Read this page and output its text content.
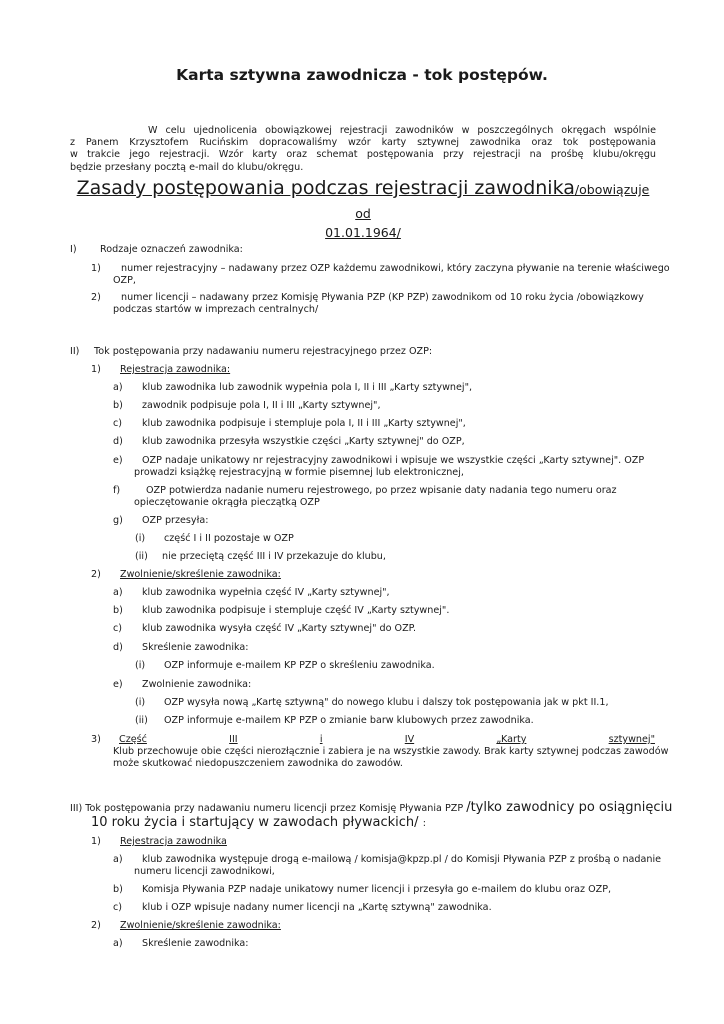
Karta sztywna zawodnicza - tok postępów.

W celu ujednolicenia obowiązkowej rejestracji zawodników w poszczególnych okręgach wspólnie

z Panem Krzysztofem Rucińskim dopracowaliśmy wzór karty sztywnej zawodnika oraz tok postępowania

w trakcie jego rejestracji. Wzór karty oraz schemat postępowania przy rejestracji na prośbę klubu/okręgu

będzie przesłany pocztą e-mail do klubu/okręgu.

Zasady postępowania podczas rejestracji zawodnika/obowiązuje od
01.01.1964/
I) Rodzaje oznaczeń zawodnika:
1) numer rejestracyjny – nadawany przez OZP każdemu zawodnikowi, który zaczyna pływanie na terenie właściwego
OZP,
2) numer licencji – nadawany przez Komisję Pływania PZP (KP PZP) zawodnikom od 10 roku życia /obowiązkowy
podczas startów w imprezach centralnych/
II) Tok postępowania przy nadawaniu numeru rejestracyjnego przez OZP:
1) Rejestracja zawodnika:
a) klub zawodnika lub zawodnik wypełnia pola I, II i III „Karty sztywnej",
b) zawodnik podpisuje pola I, II i III „Karty sztywnej",
c) klub zawodnika podpisuje i stempluje pola I, II i III „Karty sztywnej",
d) klub zawodnika przesyła wszystkie części „Karty sztywnej" do OZP,
e) OZP nadaje unikatowy nr rejestracyjny zawodnikowi i wpisuje we wszystkie części „Karty sztywnej". OZP
prowadzi książkę rejestracyjną w formie pisemnej lub elektronicznej,
f)	OZP potwierdza nadanie numeru rejestrowego, po przez wpisanie daty nadania tego numeru oraz
opieczętowanie okrągła pieczątką OZP
g) OZP przesyła:
(i) część I i II pozostaje w OZP
(ii) nie przeciętą część III i IV przekazuje do klubu,
2) Zwolnienie/skreślenie zawodnika:
a) klub zawodnika wypełnia część IV „Karty sztywnej",
b) klub zawodnika podpisuje i stempluje część IV „Karty sztywnej".
c) klub zawodnika wysyła część IV „Karty sztywnej" do OZP.
d) Skreślenie zawodnika:
(i) OZP informuje e-mailem KP PZP o skreśleniu zawodnika.
e) Zwolnienie zawodnika:
(i) OZP wysyła nową „Kartę sztywną" do nowego klubu i dalszy tok postępowania jak w pkt II.1,
(ii) OZP informuje e-mailem KP PZP o zmianie barw klubowych przez zawodnika.
3) Część	III	i	IV	„Karty	sztywnej"
Klub przechowuje obie części nierozłącznie i zabiera je na wszystkie zawody. Brak karty sztywnej podczas zawodów
może skutkować niedopuszczeniem zawodnika do zawodów.
III) Tok postępowania przy nadawaniu numeru licencji przez Komisję Pływania PZP /tylko zawodnicy po osiągnięciu
10 roku życia i startujący w zawodach pływackich/ :
1) Rejestracja zawodnika
a) klub zawodnika występuje drogą e-mailową / komisja@kpzp.pl / do Komisji Pływania PZP z prośbą o nadanie
numeru licencji zawodnikowi,
b) Komisja Pływania PZP nadaje unikatowy numer licencji i przesyła go e-mailem do klubu oraz OZP,
c) klub i OZP wpisuje nadany numer licencji na „Kartę sztywną" zawodnika.
2) Zwolnienie/skreślenie zawodnika:
a) Skreślenie zawodnika:
